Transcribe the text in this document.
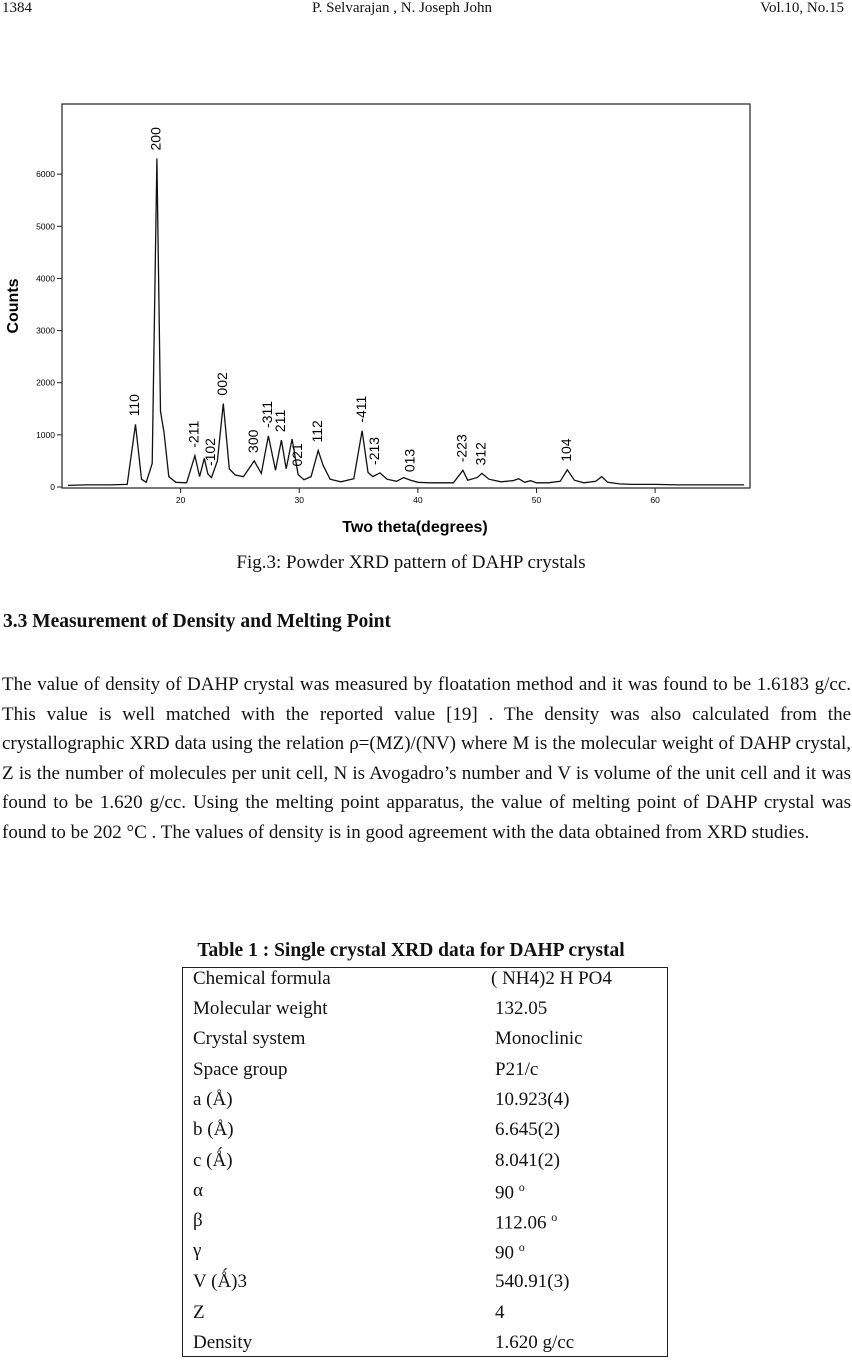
1384	P. Selvarajan , N. Joseph John	Vol.10, No.15
0
1000
2000
3000
4000
5000
6000
20	30	40	50	60
110
200
-211
-102
002
300
-311
211
021
112
-411
-213 013	-223 312	104
Counts
Two theta(degrees)
Fig.3: Powder XRD pattern of DAHP crystals
3.3 Measurement of Density and Melting Point
The value of density of DAHP crystal was measured by floatation method and it was found to be 1.6183 g/cc. This value is well matched with the reported value [19] . The density was also calculated from the crystallographic XRD data using the relation ρ=(MZ)/(NV) where M is the molecular weight of DAHP crystal, Z is the number of molecules per unit cell, N is Avogadro’s number and V is volume of the unit cell and it was found to be 1.620 g/cc. Using the melting point apparatus, the value of melting point of DAHP crystal was found to be 202 °C . The values of density is in good agreement with the data obtained from XRD studies.
Table 1 : Single crystal XRD data for DAHP crystal
Chemical formula	( NH4)2 H PO4
Molecular weight	132.05
Crystal system	Monoclinic
Space group	P21/c
a (Å)	10.923(4)
b (Å)	6.645(2)
c (Ǻ)	8.041(2)
α	90 $^o$
β	112.06 $^o$
γ	90 $^o$
V (Ǻ)3	540.91(3)
Z	4
Density	1.620 g/cc
